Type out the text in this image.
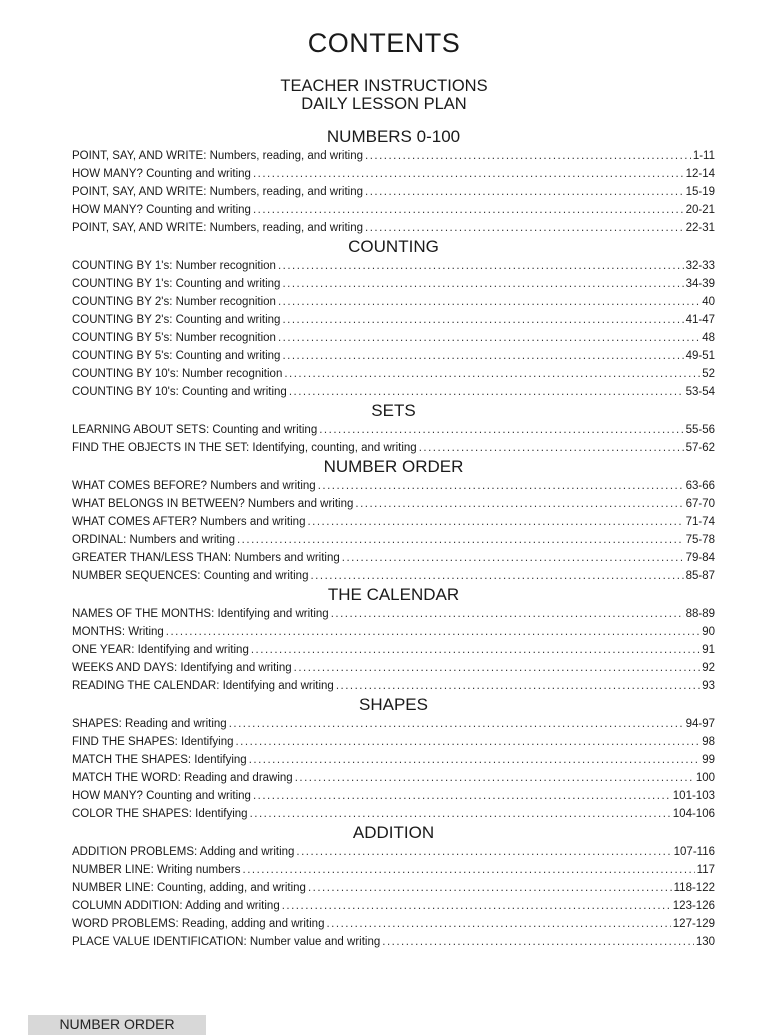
CONTENTS
TEACHER INSTRUCTIONS
DAILY LESSON PLAN
NUMBERS 0-100
POINT, SAY, AND WRITE: Numbers, reading, and writing .....	1-11
HOW MANY? Counting and writing .....	12-14
POINT, SAY, AND WRITE: Numbers, reading, and writing .....	15-19
HOW MANY? Counting and writing .....	20-21
POINT, SAY, AND WRITE: Numbers, reading, and writing .....	22-31
COUNTING
COUNTING BY 1's: Number recognition .....	32-33
COUNTING BY 1's: Counting and writing .....	34-39
COUNTING BY 2's: Number recognition .....	40
COUNTING BY 2's: Counting and writing .....	41-47
COUNTING BY 5's: Number recognition .....	48
COUNTING BY 5's: Counting and writing .....	49-51
COUNTING BY 10's: Number recognition .....	52
COUNTING BY 10's: Counting and writing .....	53-54
SETS
LEARNING ABOUT SETS: Counting and writing .....	55-56
FIND THE OBJECTS IN THE SET: Identifying, counting, and writing .....	57-62
NUMBER ORDER
WHAT COMES BEFORE? Numbers and writing .....	63-66
WHAT BELONGS IN BETWEEN? Numbers and writing .....	67-70
WHAT COMES AFTER? Numbers and writing .....	71-74
ORDINAL: Numbers and writing .....	75-78
GREATER THAN/LESS THAN: Numbers and writing .....	79-84
NUMBER SEQUENCES: Counting and writing .....	85-87
THE CALENDAR
NAMES OF THE MONTHS: Identifying and writing .....	88-89
MONTHS: Writing .....	90
ONE YEAR: Identifying and writing .....	91
WEEKS AND DAYS: Identifying and writing .....	92
READING THE CALENDAR: Identifying and writing .....	93
SHAPES
SHAPES: Reading and writing .....	94-97
FIND THE SHAPES: Identifying .....	98
MATCH THE SHAPES: Identifying .....	99
MATCH THE WORD: Reading and drawing .....	100
HOW MANY? Counting and writing .....	101-103
COLOR THE SHAPES: Identifying .....	104-106
ADDITION
ADDITION PROBLEMS: Adding and writing .....	107-116
NUMBER LINE: Writing numbers .....	117
NUMBER LINE: Counting, adding, and writing .....	118-122
COLUMN ADDITION: Adding and writing .....	123-126
WORD PROBLEMS: Reading, adding and writing .....	127-129
PLACE VALUE IDENTIFICATION: Number value and writing .....	130
NUMBER ORDER
